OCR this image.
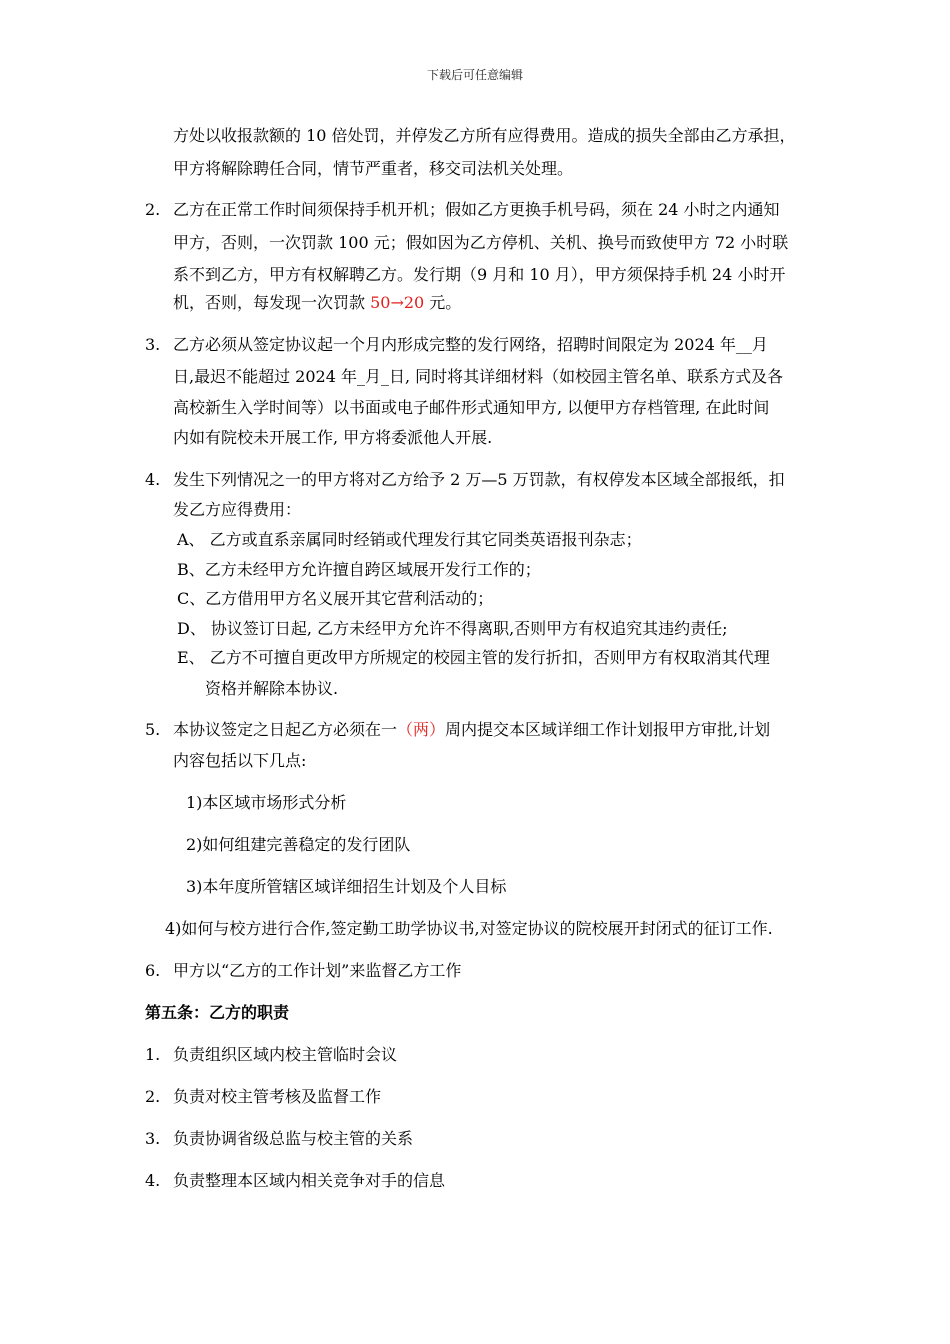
下载后可任意编辑
方处以收报款额的 10 倍处罚，并停发乙方所有应得费用。造成的损失全部由乙方承担，
甲方将解除聘任合同，情节严重者，移交司法机关处理。
2. 乙方在正常工作时间须保持手机开机；假如乙方更换手机号码，须在 24 小时之内通知
甲方，否则，一次罚款 100 元；假如因为乙方停机、关机、换号而致使甲方 72 小时联
系不到乙方，甲方有权解聘乙方。发行期（9 月和 10 月），甲方须保持手机 24 小时开
机，否则，每发现一次罚款 50→20 元。
3. 乙方必须从签定协议起一个月内形成完整的发行网络，招聘时间限定为 2024 年__月
日,最迟不能超过 2024 年_月_日, 同时将其详细材料（如校园主管名单、联系方式及各
高校新生入学时间等）以书面或电子邮件形式通知甲方, 以便甲方存档管理, 在此时间
内如有院校未开展工作, 甲方将委派他人开展.
4. 发生下列情况之一的甲方将对乙方给予 2 万—5 万罚款，有权停发本区域全部报纸，扣
发乙方应得费用：
A、 乙方或直系亲属同时经销或代理发行其它同类英语报刊杂志；
B、乙方未经甲方允许擅自跨区域展开发行工作的；
C、乙方借用甲方名义展开其它营利活动的；
D、 协议签订日起, 乙方未经甲方允许不得离职,否则甲方有权追究其违约责任;
E、 乙方不可擅自更改甲方所规定的校园主管的发行折扣，否则甲方有权取消其代理
资格并解除本协议.
5. 本协议签定之日起乙方必须在一（两）周内提交本区域详细工作计划报甲方审批,计划
内容包括以下几点:
1)本区域市场形式分析
2)如何组建完善稳定的发行团队
3)本年度所管辖区域详细招生计划及个人目标
4)如何与校方进行合作,签定勤工助学协议书,对签定协议的院校展开封闭式的征订工作.
6. 甲方以“乙方的工作计划”来监督乙方工作
第五条：乙方的职责
1. 负责组织区域内校主管临时会议
2. 负责对校主管考核及监督工作
3. 负责协调省级总监与校主管的关系
4. 负责整理本区域内相关竞争对手的信息
